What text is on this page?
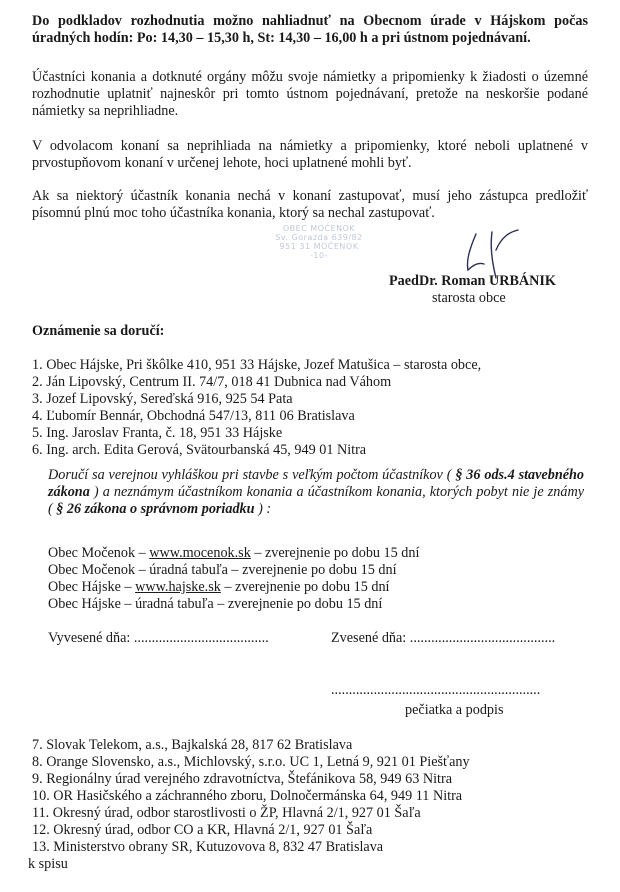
Do podkladov rozhodnutia možno nahliadnuť na Obecnom úrade v Hájskom počas úradných hodín: Po: 14,30 – 15,30 h, St: 14,30 – 16,00 h a pri ústnom pojednávaní.
Účastníci konania a dotknuté orgány môžu svoje námietky a pripomienky k žiadosti o územné rozhodnutie uplatniť najneskôr pri tomto ústnom pojednávaní, pretože na neskoršie podané námietky sa neprihliadne.
V odvolacom konaní sa neprihliada na námietky a pripomienky, ktoré neboli uplatnené v prvostupňovom konaní v určenej lehote, hoci uplatnené mohli byť.
Ak sa niektorý účastník konania nechá v konaní zastupovať, musí jeho zástupca predložiť písomnú plnú moc toho účastníka konania, ktorý sa nechal zastupovať.
OBEC MOČENOK
Sv. Gorazda 639/82
951 31 MOČENOK
-10-
PaedDr. Roman URBÁNIK
starosta obce
Oznámenie sa doručí:
1. Obec Hájske, Pri škôlke 410, 951 33 Hájske, Jozef Matušica – starosta obce,
2. Ján Lipovský, Centrum II. 74/7, 018 41 Dubnica nad Váhom
3. Jozef Lipovský, Sereďská 916, 925 54 Pata
4. Ľubomír Bennár, Obchodná 547/13, 811 06 Bratislava
5. Ing. Jaroslav Franta, č. 18, 951 33 Hájske
6. Ing. arch. Edita Gerová, Svätourbanská 45, 949 01 Nitra
Doručí sa verejnou vyhláškou pri stavbe s veľkým počtom účastníkov ( § 36 ods.4 stavebného zákona ) a neznámym účastníkom konania a účastníkom konania, ktorých pobyt nie je známy ( § 26 zákona o správnom poriadku ) :
Obec Močenok – www.mocenok.sk – zverejnenie po dobu 15 dní
Obec Močenok – úradná tabuľa – zverejnenie po dobu 15 dní
Obec Hájske – www.hajske.sk – zverejnenie po dobu 15 dní
Obec Hájske – úradná tabuľa – zverejnenie po dobu 15 dní
Vyvesené dňa: ......................................	Zvesené dňa: .........................................
...........................................................
pečiatka a podpis
7. Slovak Telekom, a.s., Bajkalská 28, 817 62 Bratislava
8. Orange Slovensko, a.s., Michlovský, s.r.o. UC 1, Letná 9, 921 01 Piešťany
9. Regionálny úrad verejného zdravotníctva, Štefánikova 58, 949 63 Nitra
10. OR Hasičského a záchranného zboru, Dolnočermánska 64, 949 11 Nitra
11. Okresný úrad, odbor starostlivosti o ŽP, Hlavná 2/1, 927 01 Šaľa
12. Okresný úrad, odbor CO a KR, Hlavná 2/1, 927 01 Šaľa
13. Ministerstvo obrany SR, Kutuzovova 8, 832 47 Bratislava
k spisu
